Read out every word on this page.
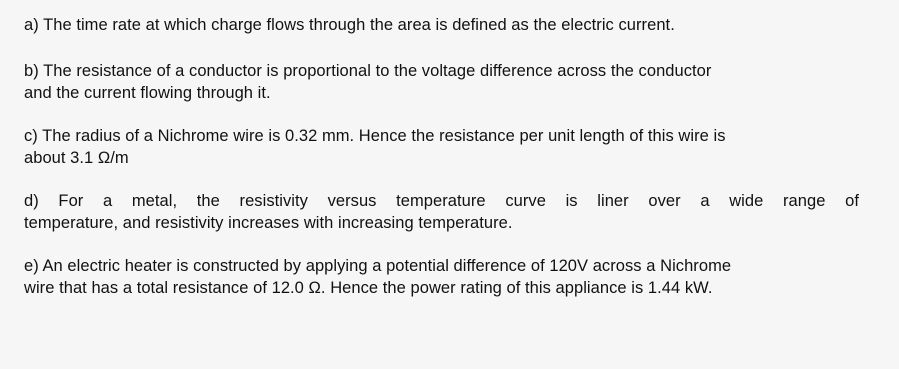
a) The time rate at which charge flows through the area is defined as the electric current.
b) The resistance of a conductor is proportional to the voltage difference across the conductor
and the current flowing through it.
c) The radius of a Nichrome wire is 0.32 mm. Hence the resistance per unit length of this wire is
about 3.1 Ω/m
d) For a metal, the resistivity versus temperature curve is liner over a wide range of
temperature, and resistivity increases with increasing temperature.
e) An electric heater is constructed by applying a potential difference of 120V across a Nichrome
wire that has a total resistance of 12.0 Ω. Hence the power rating of this appliance is 1.44 kW.
